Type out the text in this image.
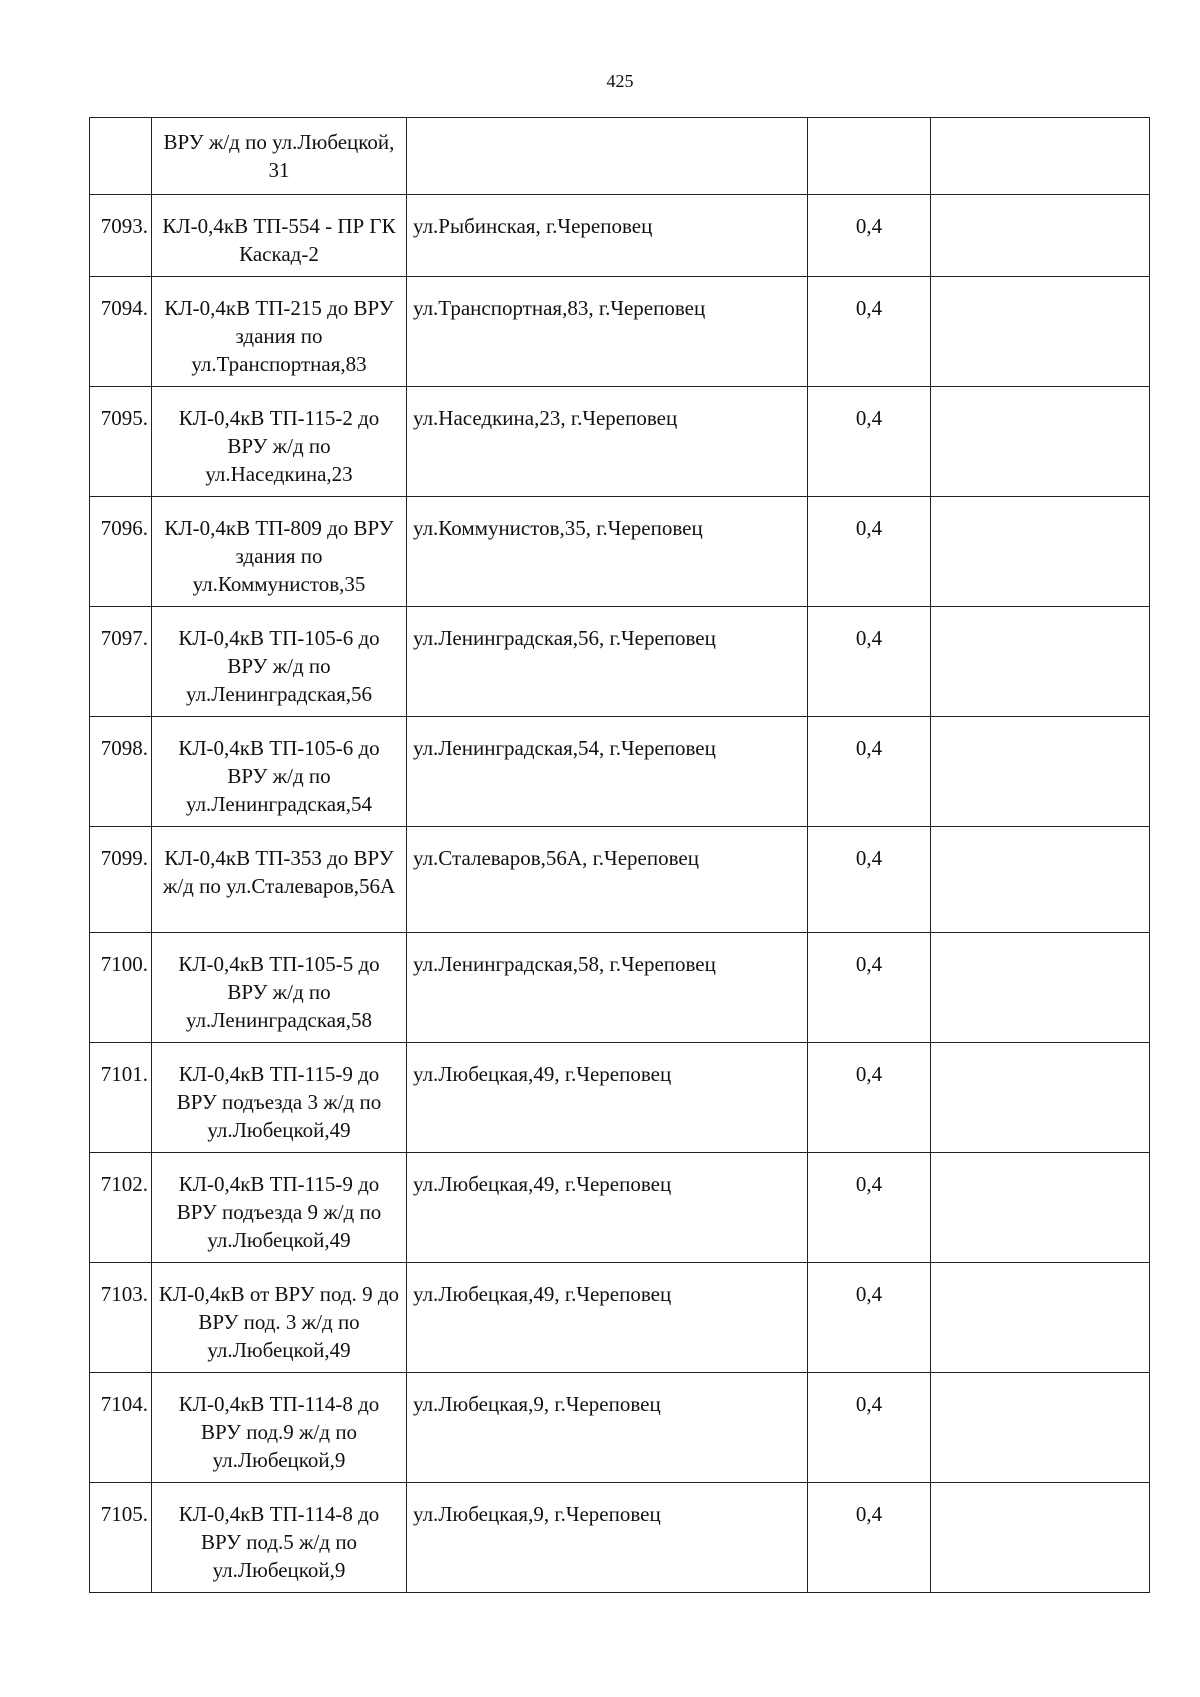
425
	ВРУ ж/д по ул.Любецкой, 31			
7093.	КЛ-0,4кВ ТП-554 - ПР ГК Каскад-2	ул.Рыбинская, г.Череповец	0,4	
7094.	КЛ-0,4кВ ТП-215 до ВРУ здания по ул.Транспортная,83	ул.Транспортная,83, г.Череповец	0,4	
7095.	КЛ-0,4кВ ТП-115-2 до ВРУ ж/д по ул.Наседкина,23	ул.Наседкина,23, г.Череповец	0,4	
7096.	КЛ-0,4кВ ТП-809 до ВРУ здания по ул.Коммунистов,35	ул.Коммунистов,35, г.Череповец	0,4	
7097.	КЛ-0,4кВ ТП-105-6 до ВРУ ж/д по ул.Ленинградская,56	ул.Ленинградская,56, г.Череповец	0,4	
7098.	КЛ-0,4кВ ТП-105-6 до ВРУ ж/д по ул.Ленинградская,54	ул.Ленинградская,54, г.Череповец	0,4	
7099.	КЛ-0,4кВ ТП-353 до ВРУ ж/д по ул.Сталеваров,56А	ул.Сталеваров,56А, г.Череповец	0,4	
7100.	КЛ-0,4кВ ТП-105-5 до ВРУ ж/д по ул.Ленинградская,58	ул.Ленинградская,58, г.Череповец	0,4	
7101.	КЛ-0,4кВ ТП-115-9 до ВРУ подъезда 3 ж/д по ул.Любецкой,49	ул.Любецкая,49, г.Череповец	0,4	
7102.	КЛ-0,4кВ ТП-115-9 до ВРУ подъезда 9 ж/д по ул.Любецкой,49	ул.Любецкая,49, г.Череповец	0,4	
7103.	КЛ-0,4кВ от ВРУ под. 9 до ВРУ под. 3 ж/д по ул.Любецкой,49	ул.Любецкая,49, г.Череповец	0,4	
7104.	КЛ-0,4кВ ТП-114-8 до ВРУ под.9 ж/д по ул.Любецкой,9	ул.Любецкая,9, г.Череповец	0,4	
7105.	КЛ-0,4кВ ТП-114-8 до ВРУ под.5 ж/д по ул.Любецкой,9	ул.Любецкая,9, г.Череповец	0,4	
